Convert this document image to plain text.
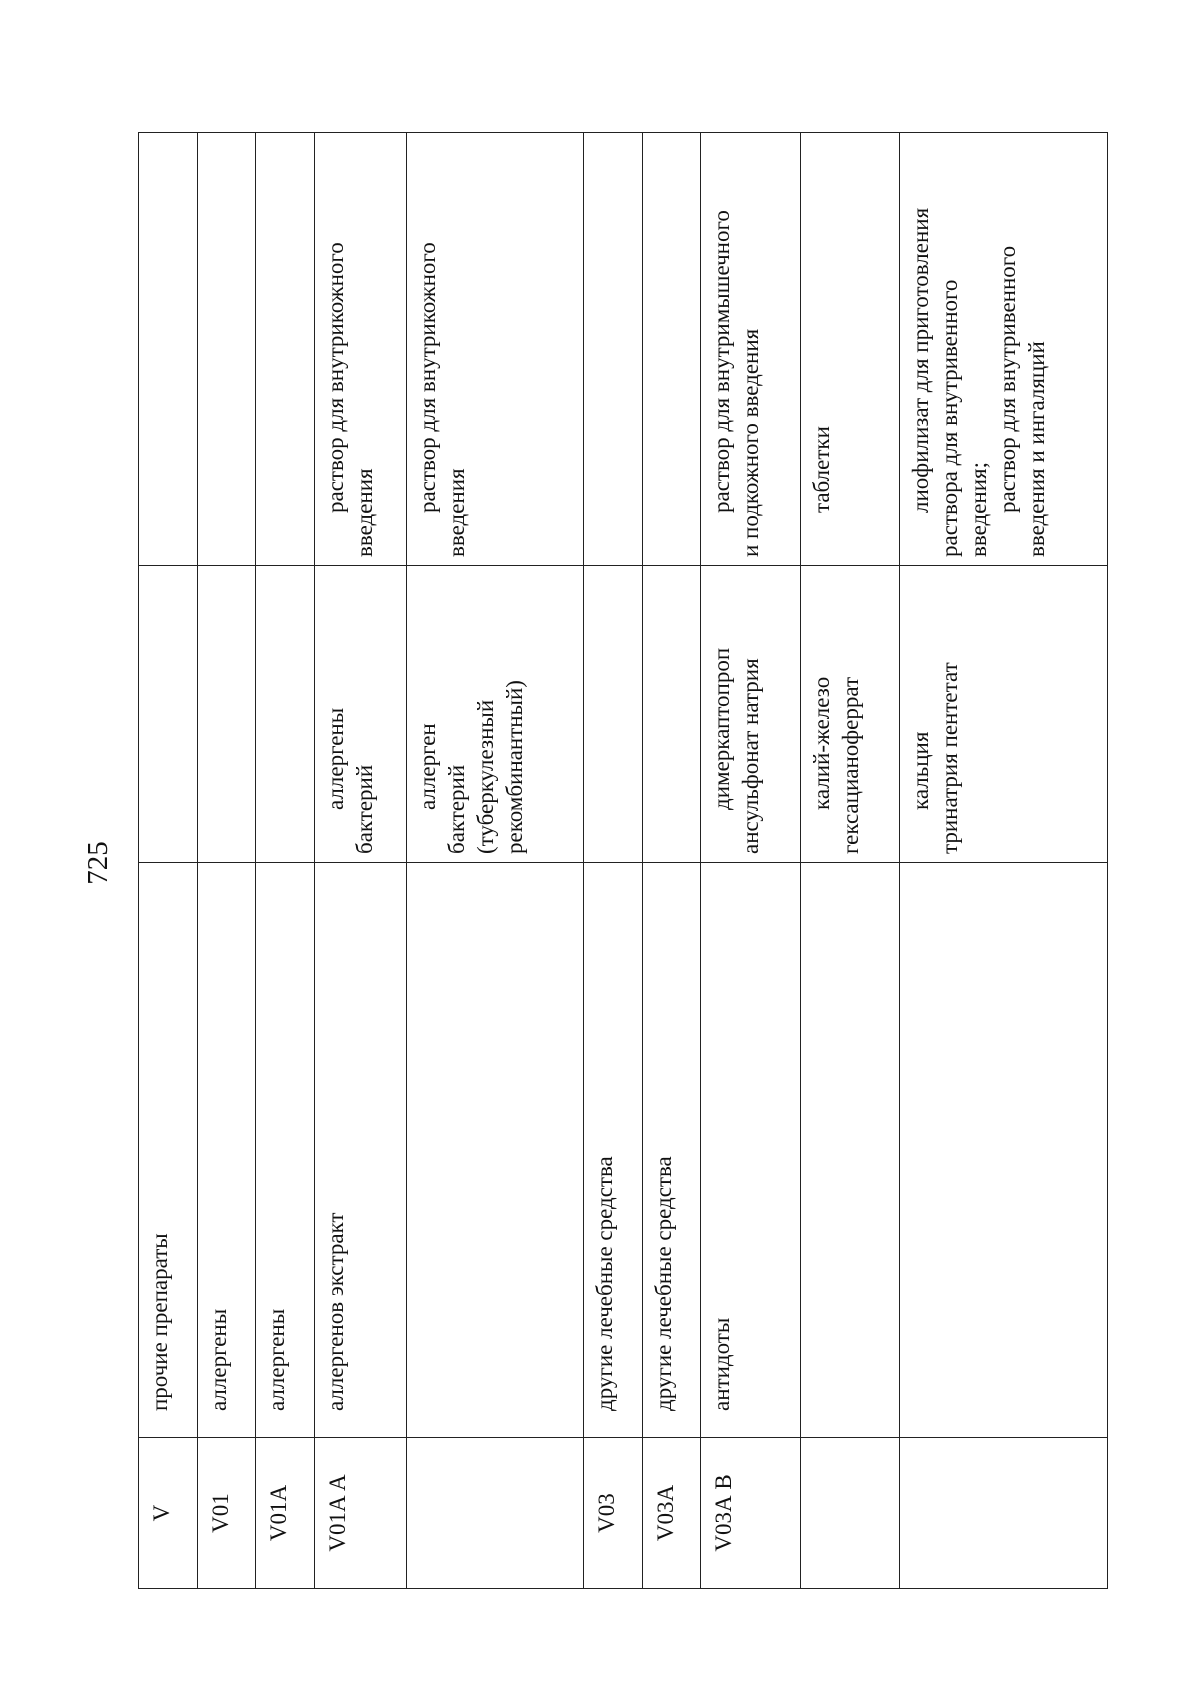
725
V	прочие препараты		
V01	аллергены		
V01A	аллергены		
V01A А	аллергенов экстракт	аллергены бактерий	раствор для внутрикожного введения

		аллерген бактерий (туберкулезный рекомбинантный)	раствор для внутрикожного введения

V03	другие лечебные средства		
V03A	другие лечебные средства		
V03А В	антидоты	димеркаптопроп ансульфонат натрия	раствор для внутримышечного и подкожного введения

		калий-железо гексацианоферрат	таблетки

		кальция тринатрия пентетат	лиофилизат для приготовления раствора для внутривенного введения; раствор для внутривенного введения и ингаляций
